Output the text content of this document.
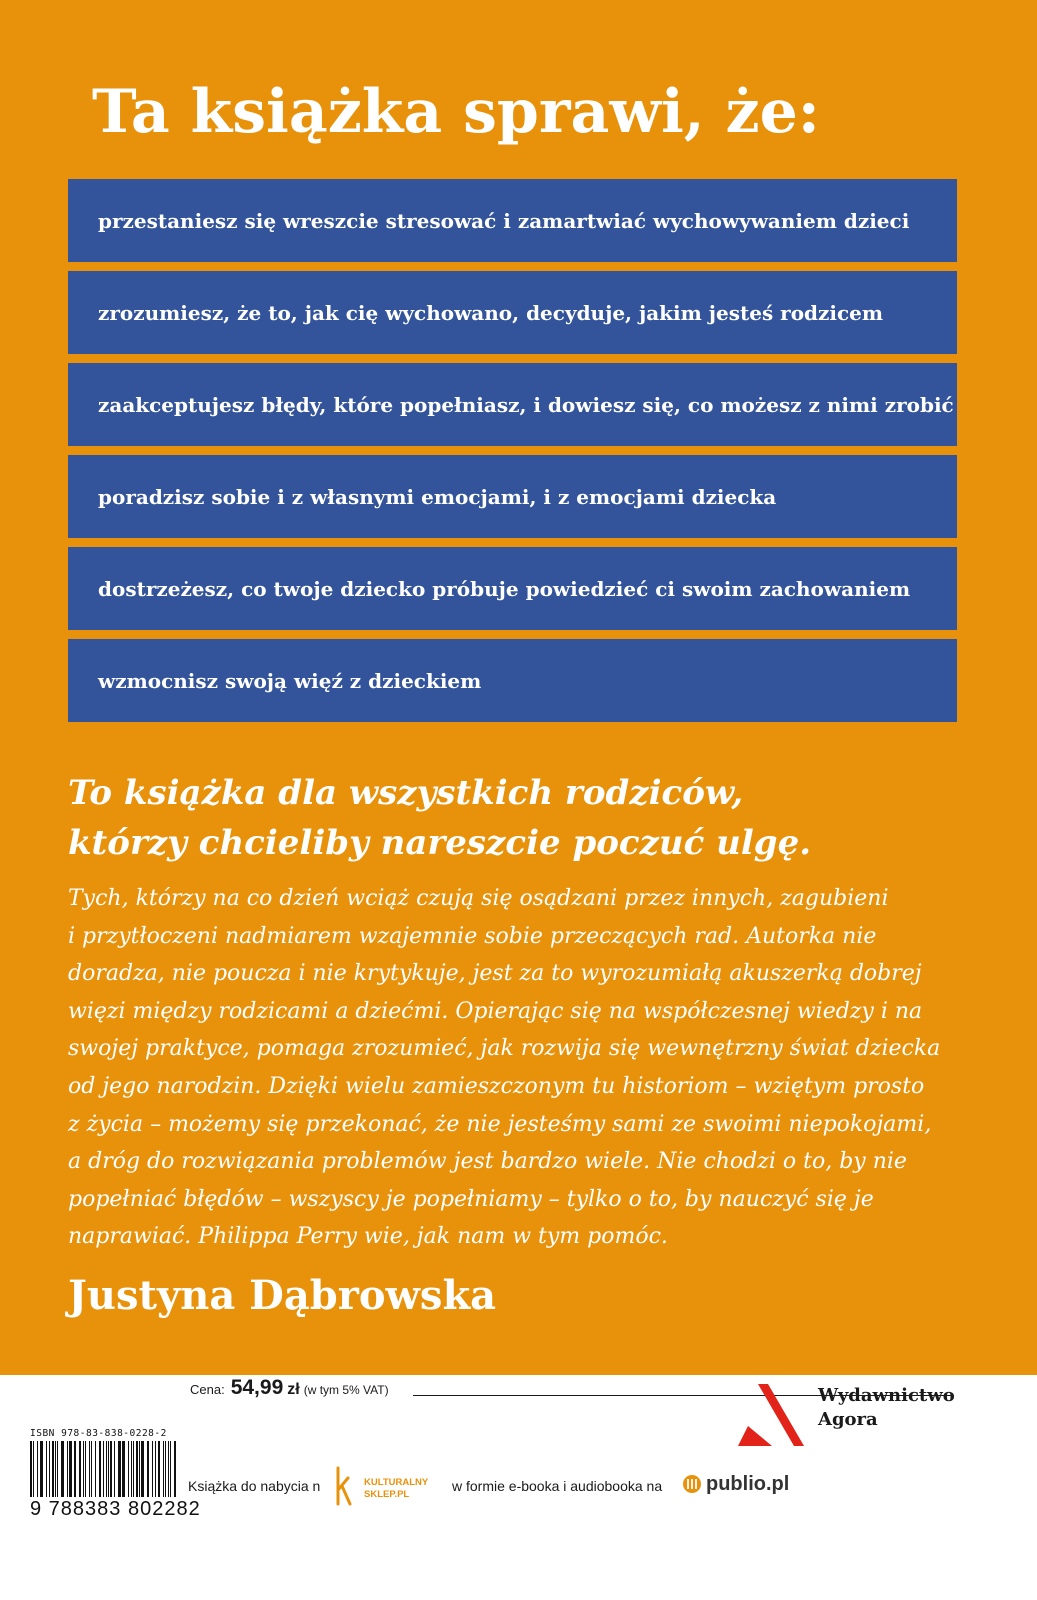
Ta książka sprawi, że:
przestaniesz się wreszcie stresować i zamartwiać wychowywaniem dzieci
zrozumiesz, że to, jak cię wychowano, decyduje, jakim jesteś rodzicem
zaakceptujesz błędy, które popełniasz, i dowiesz się, co możesz z nimi zrobić
poradzisz sobie i z własnymi emocjami, i z emocjami dziecka
dostrzeżesz, co twoje dziecko próbuje powiedzieć ci swoim zachowaniem
wzmocnisz swoją więź z dzieckiem
To książka dla wszystkich rodziców,
którzy chcieliby nareszcie poczuć ulgę.
Tych, którzy na co dzień wciąż czują się osądzani przez innych, zagubieni
i przytłoczeni nadmiarem wzajemnie sobie przeczących rad. Autorka nie
doradza, nie poucza i nie krytykuje, jest za to wyrozumiałą akuszerką dobrej
więzi między rodzicami a dziećmi. Opierając się na współczesnej wiedzy i na
swojej praktyce, pomaga zrozumieć, jak rozwija się wewnętrzny świat dziecka
od jego narodzin. Dzięki wielu zamieszczonym tu historiom – wziętym prosto
z życia – możemy się przekonać, że nie jesteśmy sami ze swoimi niepokojami,
a dróg do rozwiązania problemów jest bardzo wiele. Nie chodzi o to, by nie
popełniać błędów – wszyscy je popełniamy – tylko o to, by nauczyć się je
naprawiać. Philippa Perry wie, jak nam w tym pomóc.
Justyna Dąbrowska
Cena: 54,99 zł (w tym 5% VAT)	Wydawnictwo
Agora
ISBN 978-83-838-0228-2
9 788383 802282
Książka do nabycia n	KULTURALNY
SKLEP.PL
w formie e-booka i audiobooka na publio.pl
